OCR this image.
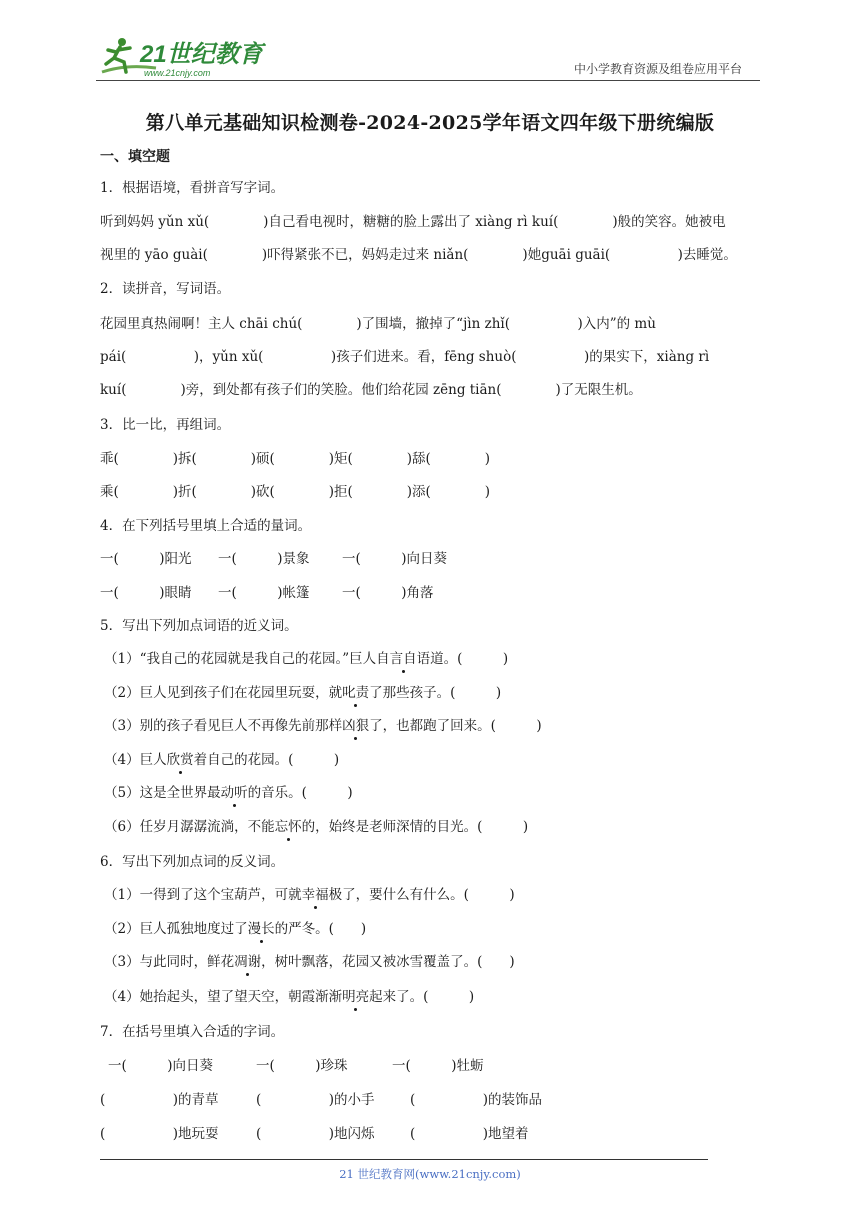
21世纪教育
www.21cnjy.com	中小学教育资源及组卷应用平台
第八单元基础知识检测卷-2024-2025学年语文四年级下册统编版
一、填空题
1．根据语境，看拼音写字词。
听到妈妈 yǔn xǔ(　　　　)自己看电视时，糖糖的脸上露出了 xiàng rì kuí(　　　　)般的笑容。她被电
视里的 yāo guài(　　　　)吓得紧张不已，妈妈走过来 niǎn(　　　　)她guāi guāi(　　　　　)去睡觉。
2．读拼音，写词语。
花园里真热闹啊！主人 chāi chú(　　　　)了围墙，撤掉了“jìn zhǐ(　　　　　)入内”的 mù
pái(　　　　　)，yǔn xǔ(　　　　　)孩子们进来。看，fēng shuò(　　　　　)的果实下，xiàng rì
kuí(　　　　)旁，到处都有孩子们的笑脸。他们给花园 zēng tiān(　　　　)了无限生机。
3．比一比，再组词。
乖(　　　　) 拆(　　　　) 硕(　　　　) 矩(　　　　) 舔(　　　　)
乘(　　　　) 折(　　　　) 砍(　　　　) 拒(　　　　) 添(　　　　)
4．在下列括号里填上合适的量词。
一(　　　)阳光 一(　　　)景象 一(　　　)向日葵
一(　　　)眼睛 一(　　　)帐篷 一(　　　)角落
5．写出下列加点词语的近义词。
（1）“我自己的花园就是我自己的花园。”巨人自言自语道。(　　　)
（2）巨人见到孩子们在花园里玩耍，就叱责了那些孩子。(　　　)
（3）别的孩子看见巨人不再像先前那样凶狠了，也都跑了回来。(　　　)
（4）巨人欣赏着自己的花园。(　　　)
（5）这是全世界最动听的音乐。(　　　)
（6）任岁月潺潺流淌，不能忘怀的，始终是老师深情的目光。(　　　)
6．写出下列加点词的反义词。
（1）一得到了这个宝葫芦，可就幸福极了，要什么有什么。(　　　)
（2）巨人孤独地度过了漫长的严冬。(　　)
（3）与此同时，鲜花凋谢，树叶飘落，花园又被冰雪覆盖了。(　　)
（4）她抬起头，望了望天空，朝霞渐渐明亮起来了。(　　　)
7．在括号里填入合适的字词。
一(　　　)向日葵	一(　　　)珍珠	一(　　　)牡蛎
(　　　　　)的青草	(　　　　　)的小手	(　　　　　)的装饰品
(　　　　　)地玩耍	(　　　　　)地闪烁	(　　　　　)地望着
21 世纪教育网(www.21cnjy.com)
